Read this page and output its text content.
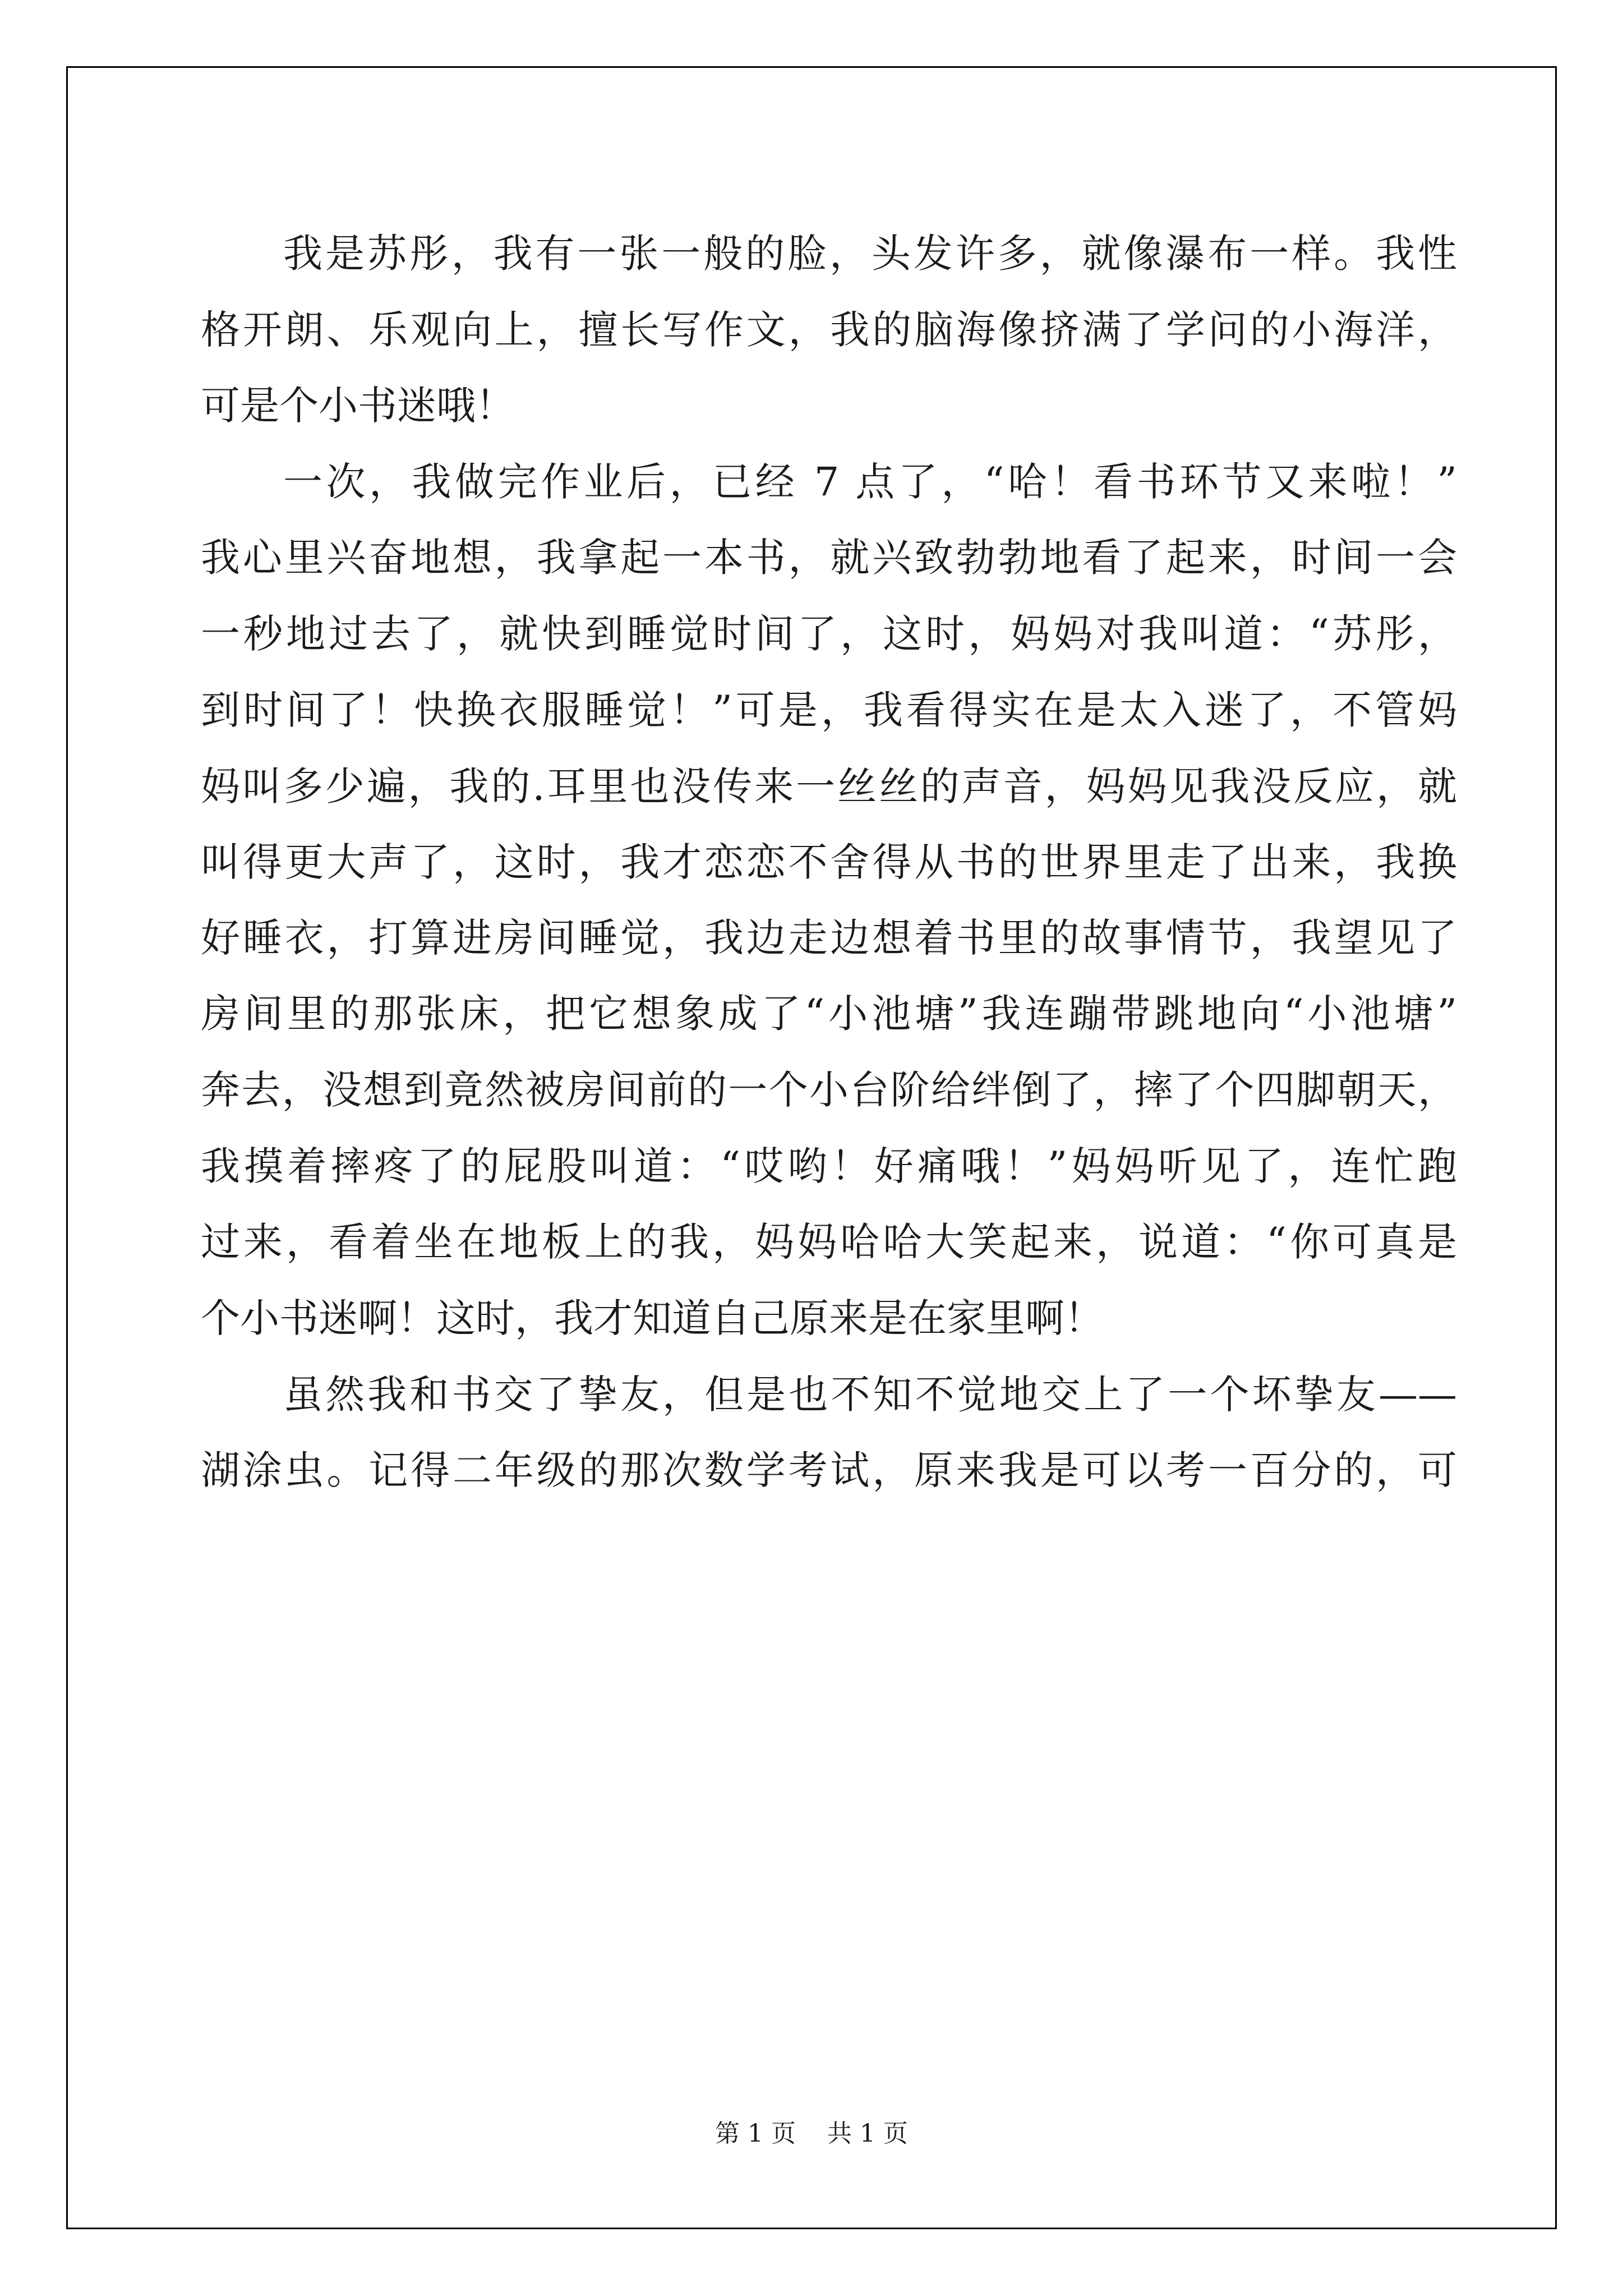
我是苏彤，我有一张一般的脸，头发许多，就像瀑布一样。我性
格开朗、乐观向上，擅长写作文，我的脑海像挤满了学问的小海洋，
可是个小书迷哦！
一次，我做完作业后，已经 7 点了，“哈！看书环节又来啦！”
我心里兴奋地想，我拿起一本书，就兴致勃勃地看了起来，时间一会
一秒地过去了，就快到睡觉时间了，这时，妈妈对我叫道：“苏彤，
到时间了！快换衣服睡觉！”可是，我看得实在是太入迷了，不管妈
妈叫多少遍，我的.耳里也没传来一丝丝的声音，妈妈见我没反应，就
叫得更大声了，这时，我才恋恋不舍得从书的世界里走了出来，我换
好睡衣，打算进房间睡觉，我边走边想着书里的故事情节，我望见了
房间里的那张床，把它想象成了“小池塘”我连蹦带跳地向“小池塘”
奔去，没想到竟然被房间前的一个小台阶给绊倒了，摔了个四脚朝天，
我摸着摔疼了的屁股叫道：“哎哟！好痛哦！”妈妈听见了，连忙跑
过来，看着坐在地板上的我，妈妈哈哈大笑起来，说道：“你可真是
个小书迷啊！这时，我才知道自己原来是在家里啊！
虽然我和书交了挚友，但是也不知不觉地交上了一个坏挚友——
湖涂虫。记得二年级的那次数学考试，原来我是可以考一百分的，可
第 1 页    共 1 页
